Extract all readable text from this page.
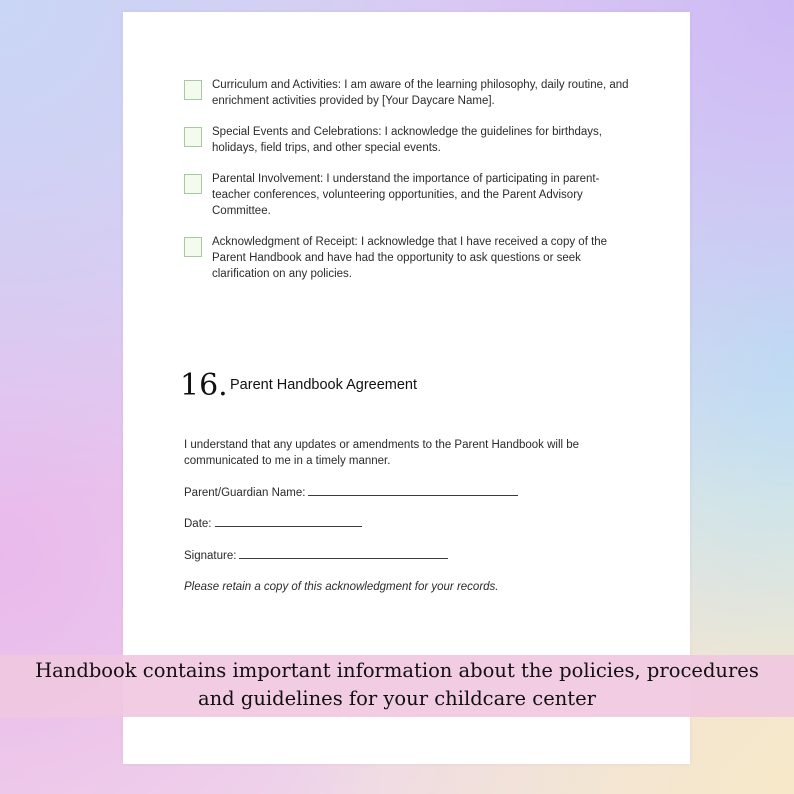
Curriculum and Activities: I am aware of the learning philosophy, daily routine, and enrichment activities provided by [Your Daycare Name].
Special Events and Celebrations: I acknowledge the guidelines for birthdays, holidays, field trips, and other special events.
Parental Involvement: I understand the importance of participating in parent-teacher conferences, volunteering opportunities, and the Parent Advisory Committee.
Acknowledgment of Receipt: I acknowledge that I have received a copy of the Parent Handbook and have had the opportunity to ask questions or seek clarification on any policies.
16. Parent Handbook Agreement
I understand that any updates or amendments to the Parent Handbook will be communicated to me in a timely manner.
Parent/Guardian Name:
Date:
Signature:
Please retain a copy of this acknowledgment for your records.
Handbook contains important information about the policies, procedures and guidelines for your childcare center
